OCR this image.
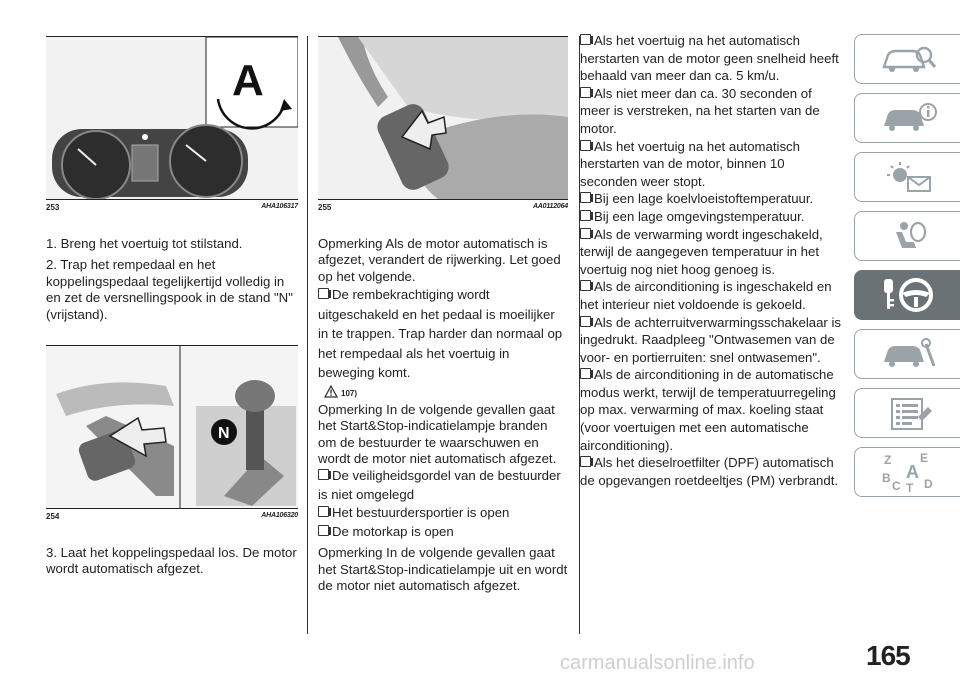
A
253	AHA106317

1. Breng het voertuig tot stilstand.

2. Trap het rempedaal en het koppelingspedaal tegelijkertijd volledig in en zet de versnellingspook in de stand "N" (vrijstand).

N
254	AHA106320

3. Laat het koppelingspedaal los. De motor wordt automatisch afgezet.

255	AA0112064

Opmerking Als de motor automatisch is afgezet, verandert de rijwerking. Let goed op het volgende.

De rembekrachtiging wordt uitgeschakeld en het pedaal is moeilijker in te trappen. Trap harder dan normaal op het rempedaal als het voertuig in beweging komt.

107)

Opmerking In de volgende gevallen gaat het Start&Stop-indicatielampje branden om de bestuurder te waarschuwen en wordt de motor niet automatisch afgezet.

De veiligheidsgordel van de bestuurder is niet omgelegd

Het bestuurdersportier is open

De motorkap is open

Opmerking In de volgende gevallen gaat het Start&Stop-indicatielampje uit en wordt de motor niet automatisch afgezet.

Als het voertuig na het automatisch herstarten van de motor geen snelheid heeft behaald van meer dan ca. 5 km/u.

Als niet meer dan ca. 30 seconden of meer is verstreken, na het starten van de motor.

Als het voertuig na het automatisch herstarten van de motor, binnen 10 seconden weer stopt.

Bij een lage koelvloeistoftemperatuur.

Bij een lage omgevingstemperatuur.

Als de verwarming wordt ingeschakeld, terwijl de aangegeven temperatuur in het voertuig nog niet hoog genoeg is.

Als de airconditioning is ingeschakeld en het interieur niet voldoende is gekoeld.

Als de achterruitverwarmingsschakelaar is ingedrukt. Raadpleeg "Ontwasemen van de voor- en portierruiten: snel ontwasemen".

Als de airconditioning in de automatische modus werkt, terwijl de temperatuurregeling op max. verwarming of max. koeling staat (voor voertuigen met een automatische airconditioning).

Als het dieselroetfilter (DPF) automatisch de opgevangen roetdeeltjes (PM) verbrandt.

Z E
A
B
C T D
165
carmanualsonline.info
